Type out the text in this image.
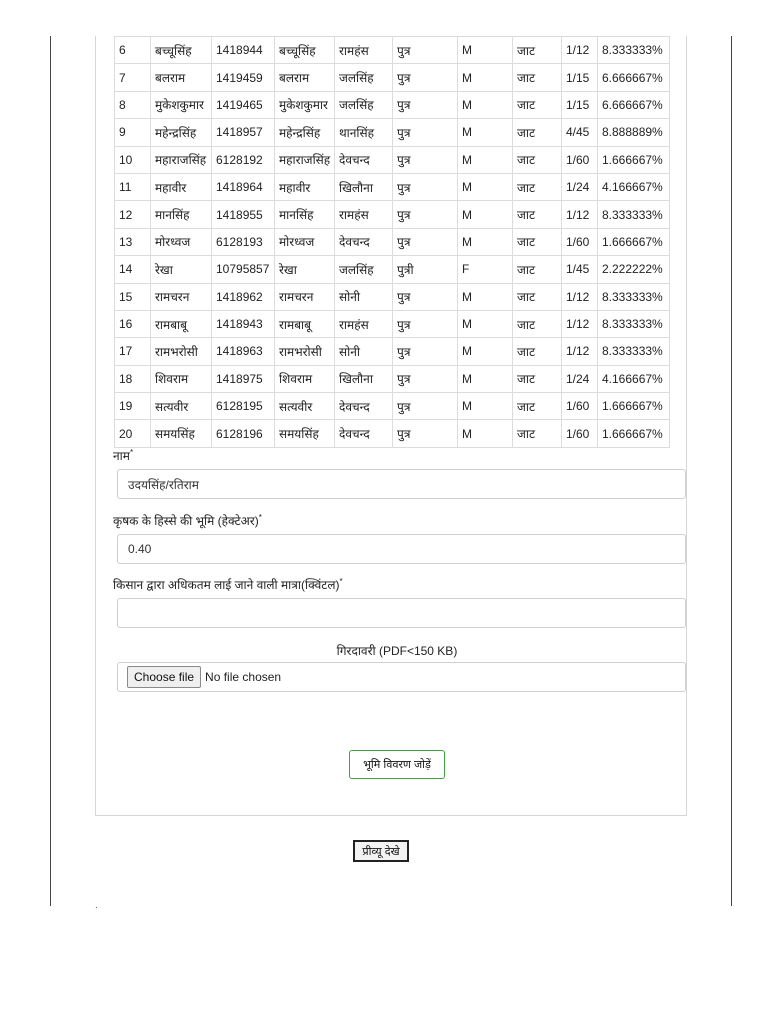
6	बच्चूसिंह	1418944	बच्चूसिंह	रामहंस	पुत्र	M	जाट	1/12	8.333333%
7	बलराम	1419459	बलराम	जलसिंह	पुत्र	M	जाट	1/15	6.666667%
8	मुकेशकुमार	1419465	मुकेशकुमार	जलसिंह	पुत्र	M	जाट	1/15	6.666667%
9	महेन्द्रसिंह	1418957	महेन्द्रसिंह	थानसिंह	पुत्र	M	जाट	4/45	8.888889%
10	महाराजसिंह	6128192	महाराजसिंह	देवचन्द	पुत्र	M	जाट	1/60	1.666667%
11	महावीर	1418964	महावीर	खिलौना	पुत्र	M	जाट	1/24	4.166667%
12	मानसिंह	1418955	मानसिंह	रामहंस	पुत्र	M	जाट	1/12	8.333333%
13	मोरध्वज	6128193	मोरध्वज	देवचन्द	पुत्र	M	जाट	1/60	1.666667%
14	रेखा	10795857	रेखा	जलसिंह	पुत्री	F	जाट	1/45	2.222222%
15	रामचरन	1418962	रामचरन	सोनी	पुत्र	M	जाट	1/12	8.333333%
16	रामबाबू	1418943	रामबाबू	रामहंस	पुत्र	M	जाट	1/12	8.333333%
17	रामभरोसी	1418963	रामभरोसी	सोनी	पुत्र	M	जाट	1/12	8.333333%
18	शिवराम	1418975	शिवराम	खिलौना	पुत्र	M	जाट	1/24	4.166667%
19	सत्यवीर	6128195	सत्यवीर	देवचन्द	पुत्र	M	जाट	1/60	1.666667%
20	समयसिंह	6128196	समयसिंह	देवचन्द	पुत्र	M	जाट	1/60	1.666667%
नाम*
उदयसिंह/रतिराम
कृषक के हिस्से की भूमि (हेक्टेअर)*
0.40
किसान द्वारा अधिकतम लाई जाने वाली मात्रा(क्विंटल)*
गिरदावरी (PDF<150 KB)
Choose file No file chosen
भूमि विवरण जोड़ें
प्रीव्यू देखे
.
